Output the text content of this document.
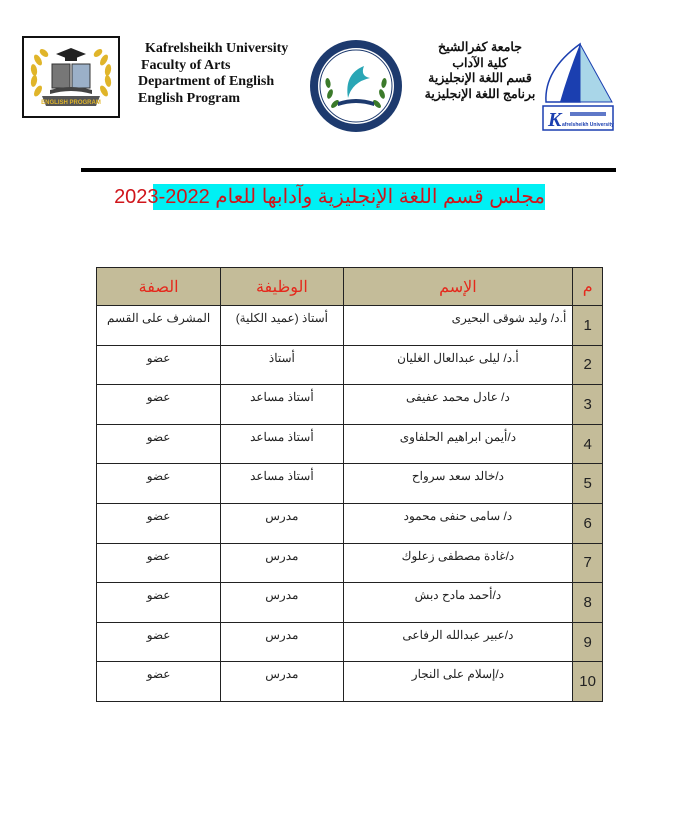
ENGLISH PROGRAM
Kafrelsheikh University
Faculty of Arts
Department of English
English Program
جامعة كفرالشيخ
كلية الآداب
قسم اللغة الإنجليزية
برنامج اللغة الإنجليزية
K afrelsheikh University
مجلس قسم اللغة الإنجليزية وآدابها للعام 2022-2023
م	الإسم	الوظيفة	الصفة
1	أ.د/ وليد شوقى البحيرى	أستاذ (عميد الكلية)	المشرف على القسم
2	أ.د/ ليلى عبدالعال الغليان	أستاذ	عضو
3	د/ عادل محمد عفيفى	أستاذ مساعد	عضو
4	د/أيمن ابراهيم الحلفاوى	أستاذ مساعد	عضو
5	د/خالد سعد سرواح	أستاذ مساعد	عضو
6	د/ سامى حنفى محمود	مدرس	عضو
7	د/غادة مصطفى زعلوك	مدرس	عضو
8	د/أحمد مادح دبش	مدرس	عضو
9	د/عبير عبدالله الرفاعى	مدرس	عضو
10	د/إسلام على النجار	مدرس	عضو
